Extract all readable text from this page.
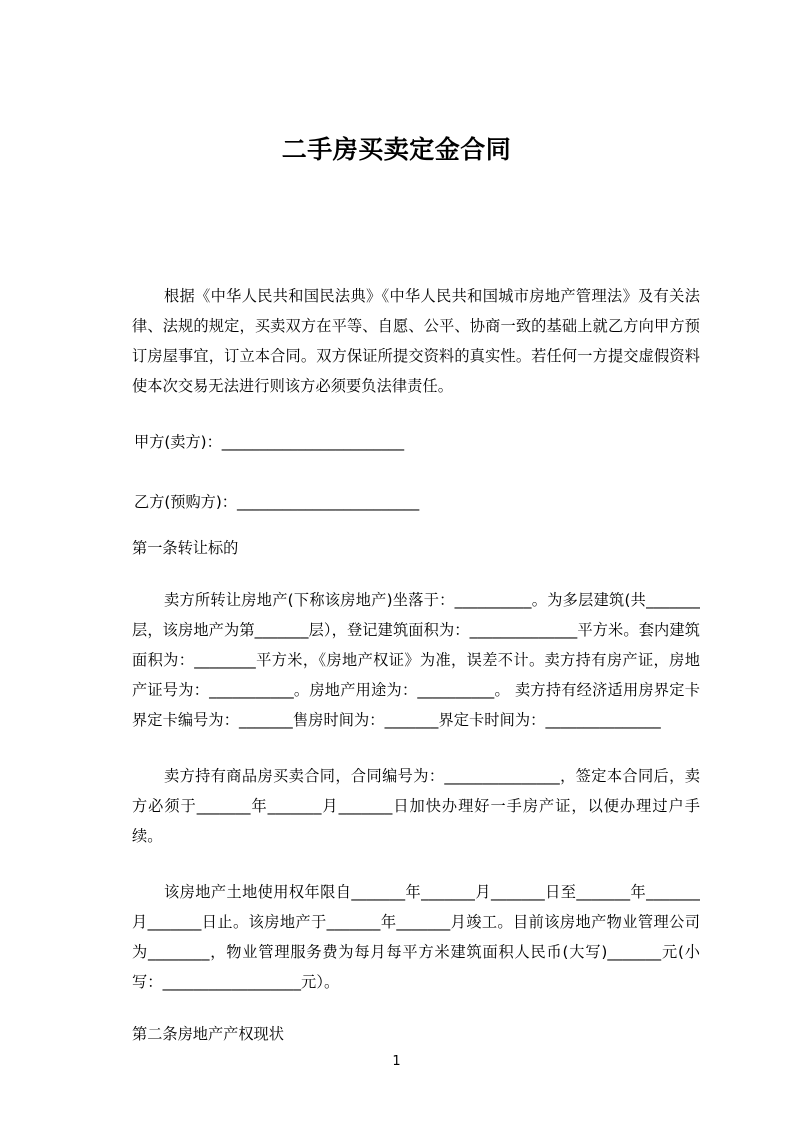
二手房买卖定金合同

根据《中华人民共和国民法典》《中华人民共和国城市房地产管理法》及有关法律、法规的规定，买卖双方在平等、自愿、公平、协商一致的基础上就乙方向甲方预订房屋事宜，订立本合同。双方保证所提交资料的真实性。若任何一方提交虚假资料使本次交易无法进行则该方必须要负法律责任。

甲方(卖方)：________________________

乙方(预购方)：________________________

第一条转让标的

卖方所转让房地产(下称该房地产)坐落于：__________。为多层建筑(共_______层，该房地产为第_______层），登记建筑面积为：______________平方米。套内建筑面积为：________平方米，《房地产权证》为准，误差不计。卖方持有房产证，房地产证号为：___________。房地产用途为：__________。 卖方持有经济适用房界定卡界定卡编号为：_______售房时间为：_______界定卡时间为：_______________

卖方持有商品房买卖合同，合同编号为：_______________，签定本合同后，卖方必须于_______年_______月_______日加快办理好一手房产证，以便办理过户手续。

该房地产土地使用权年限自_______年_______月_______日至_______年_______月_______日止。该房地产于_______年_______月竣工。目前该房地产物业管理公司为________，物业管理服务费为每月每平方米建筑面积人民币(大写)_______元(小写：__________________元）。

第二条房地产产权现状

1
